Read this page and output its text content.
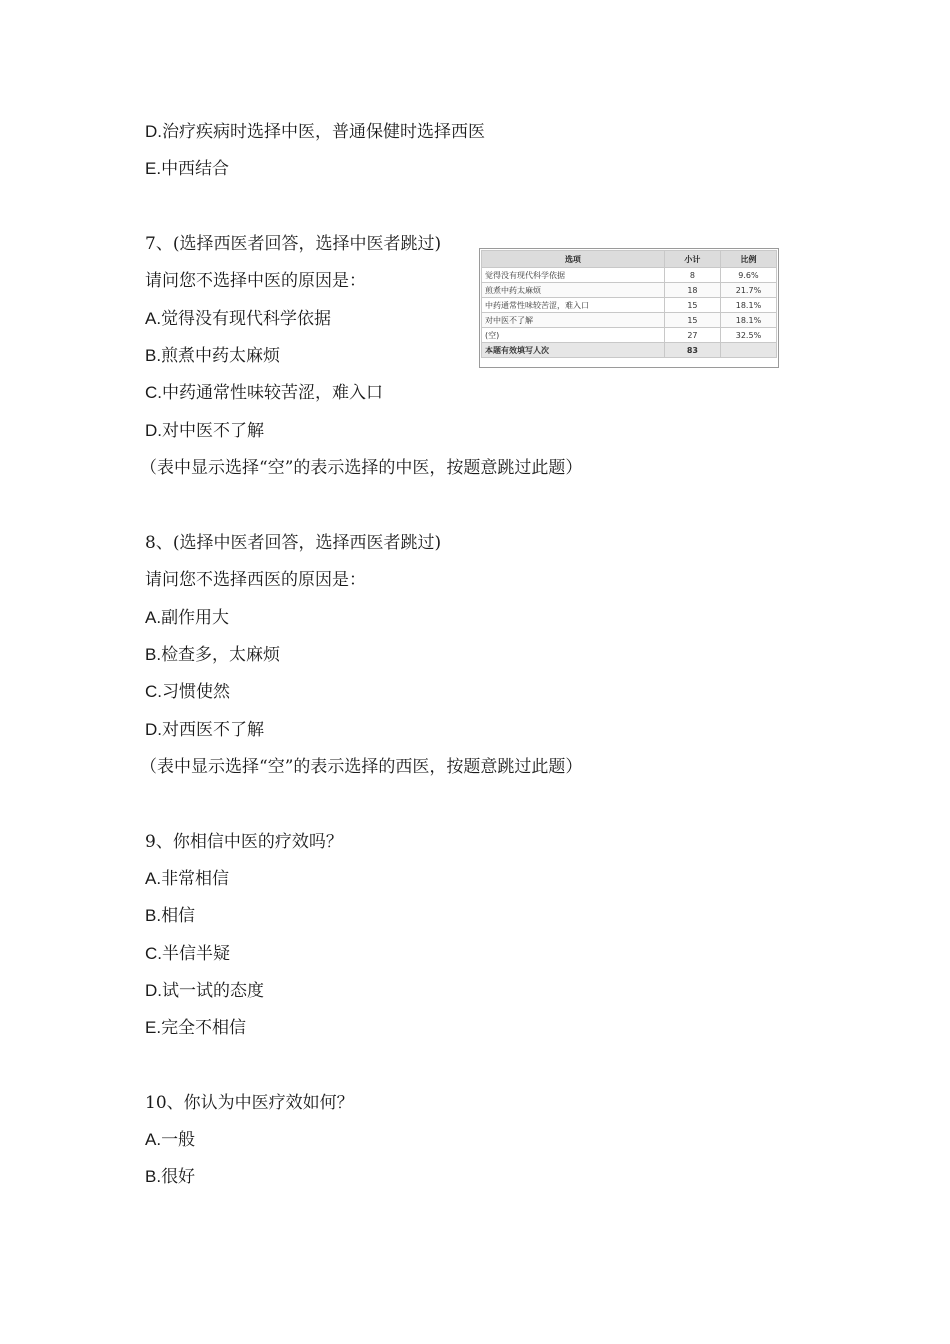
D.治疗疾病时选择中医，普通保健时选择西医
E.中西结合
7、(选择西医者回答，选择中医者跳过)
请问您不选择中医的原因是：
A.觉得没有现代科学依据
B.煎煮中药太麻烦
C.中药通常性味较苦涩，难入口
D.对中医不了解
（表中显示选择“空”的表示选择的中医，按题意跳过此题）
选项	小计	比例
觉得没有现代科学依据	8	9.6%
煎煮中药太麻烦	18	21.7%
中药通常性味较苦涩，难入口	15	18.1%
对中医不了解	15	18.1%
(空)	27	32.5%
本题有效填写人次	83	
8、(选择中医者回答，选择西医者跳过)
请问您不选择西医的原因是：
A.副作用大
B.检查多，太麻烦
C.习惯使然
D.对西医不了解
（表中显示选择“空”的表示选择的西医，按题意跳过此题）
9、你相信中医的疗效吗？
A.非常相信
B.相信
C.半信半疑
D.试一试的态度
E.完全不相信
10、你认为中医疗效如何？
A.一般
B.很好
